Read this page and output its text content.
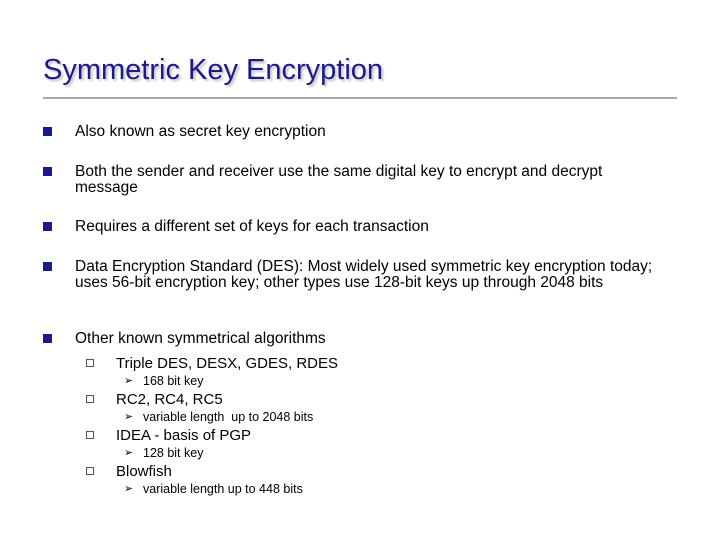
Symmetric Key Encryption
Also known as secret key encryption
Both the sender and receiver use the same digital key to encrypt and decrypt message
Requires a different set of keys for each transaction
Data Encryption Standard (DES): Most widely used symmetric key encryption today; uses 56-bit encryption key; other types use 128-bit keys up through 2048 bits
Other known symmetrical algorithms
Triple DES, DESX, GDES, RDES
➢ 168 bit key
RC2, RC4, RC5
➢ variable length  up to 2048 bits
IDEA - basis of PGP
➢ 128 bit key
Blowfish
➢ variable length up to 448 bits
